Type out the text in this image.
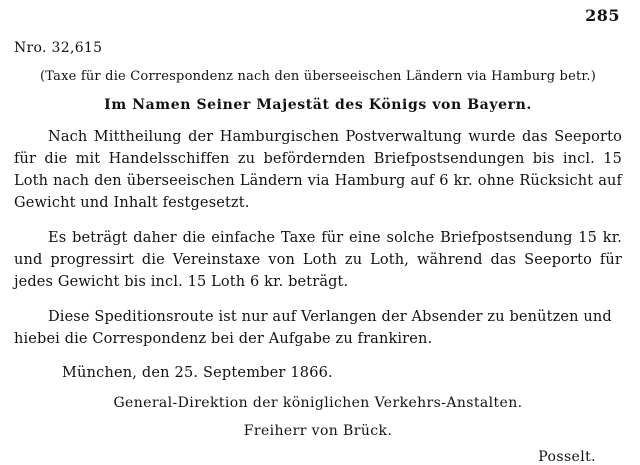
285
Nro. 32,615
(Taxe für die Correspondenz nach den überseeischen Ländern via Hamburg betr.)
Im Namen Seiner Majestät des Königs von Bayern.
Nach Mittheilung der Hamburgischen Postverwaltung wurde das Seeporto für die mit Handelsschiffen zu befördernden Briefpostsendungen bis incl. 15 Loth nach den überseeischen Ländern via Hamburg auf 6 kr. ohne Rücksicht auf Gewicht und Inhalt festgesetzt.
Es beträgt daher die einfache Taxe für eine solche Briefpostsendung 15 kr. und progressirt die Vereinstaxe von Loth zu Loth, während das Seeporto für jedes Gewicht bis incl. 15 Loth 6 kr. beträgt.
Diese Speditionsroute ist nur auf Verlangen der Absender zu benützen und hiebei die Correspondenz bei der Aufgabe zu frankiren.
München, den 25. September 1866.
General-Direktion der königlichen Verkehrs-Anstalten.
Freiherr von Brück.
Posselt.
